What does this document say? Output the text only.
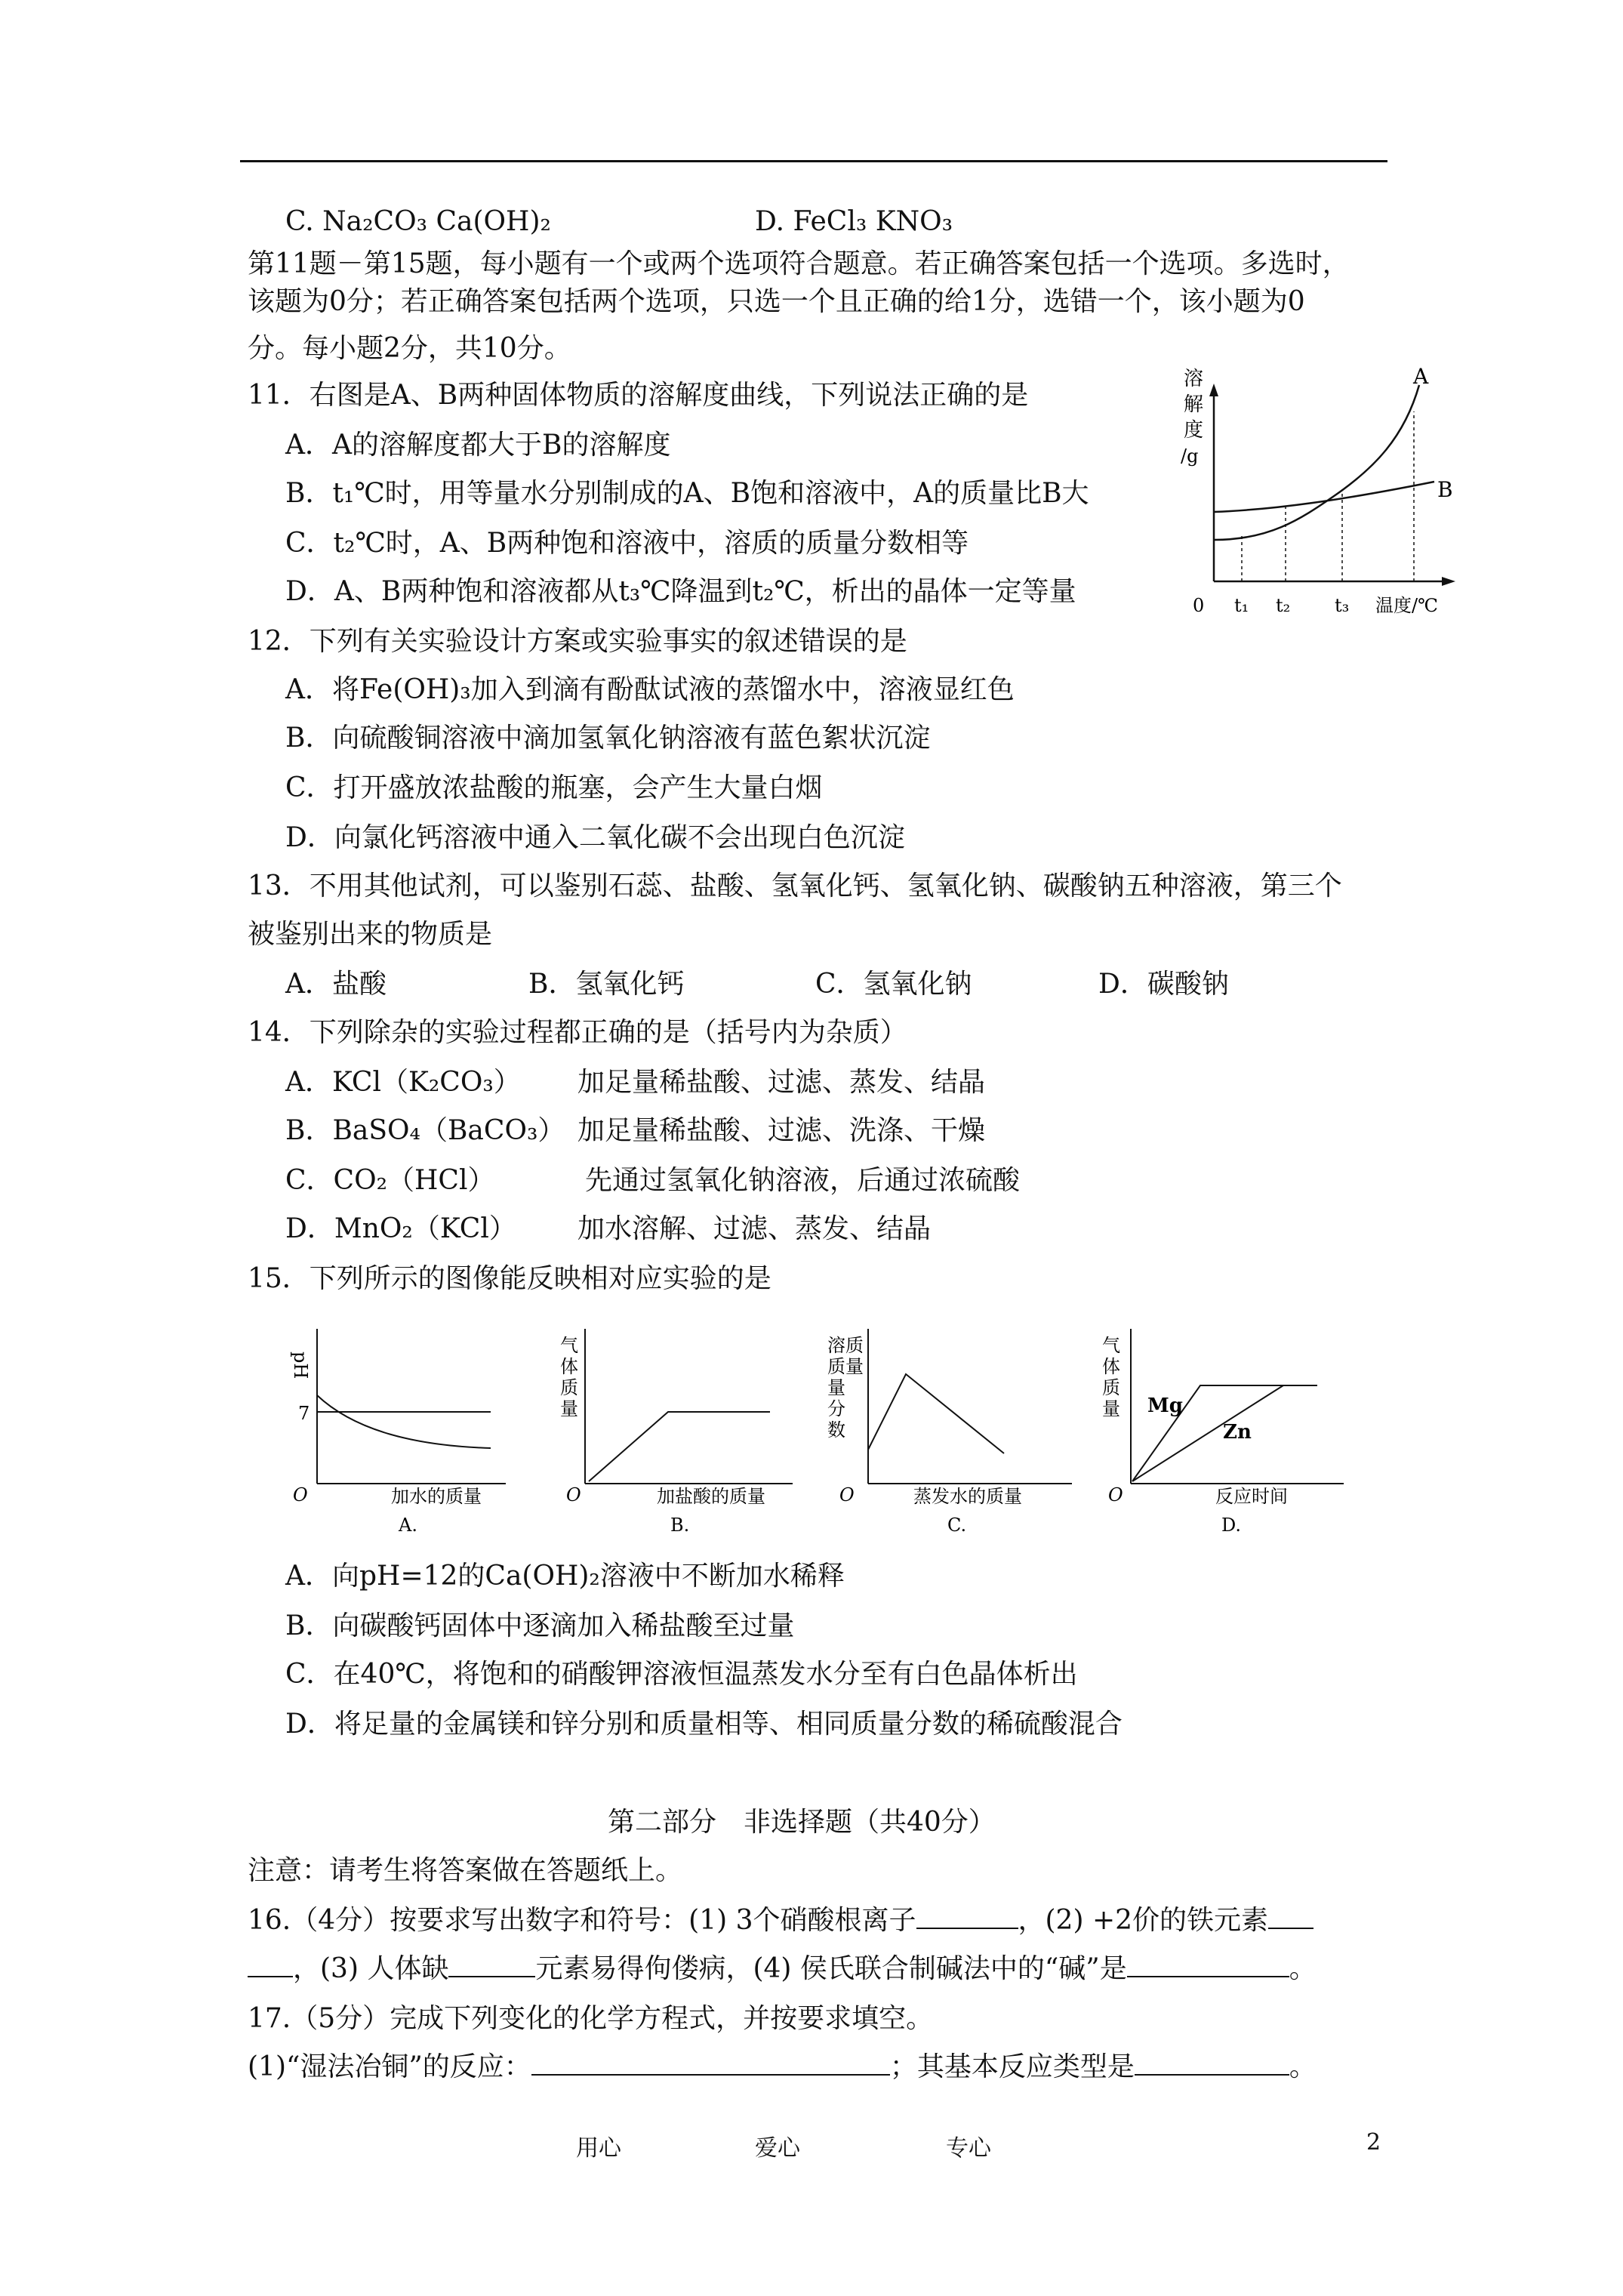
C. Na₂CO₃ Ca(OH)₂	D. FeCl₃ KNO₃
第11题－第15题，每小题有一个或两个选项符合题意。若正确答案包括一个选项。多选时，
该题为0分；若正确答案包括两个选项，只选一个且正确的给1分，选错一个，该小题为0
分。每小题2分，共10分。
11．右图是A、B两种固体物质的溶解度曲线，下列说法正确的是
A．A的溶解度都大于B的溶解度
B．t₁℃时，用等量水分别制成的A、B饱和溶液中，A的质量比B大
C．t₂℃时，A、B两种饱和溶液中，溶质的质量分数相等
D．A、B两种饱和溶液都从t₃℃降温到t₂℃，析出的晶体一定等量
溶
解
度
/g
A
B
0 t₁ t₂ t₃ 温度/℃
12．下列有关实验设计方案或实验事实的叙述错误的是
A．将Fe(OH)₃加入到滴有酚酞试液的蒸馏水中，溶液显红色
B．向硫酸铜溶液中滴加氢氧化钠溶液有蓝色絮状沉淀
C．打开盛放浓盐酸的瓶塞，会产生大量白烟
D．向氯化钙溶液中通入二氧化碳不会出现白色沉淀
13．不用其他试剂，可以鉴别石蕊、盐酸、氢氧化钙、氢氧化钠、碳酸钠五种溶液，第三个
被鉴别出来的物质是
A．盐酸	B．氢氧化钙	C．氢氧化钠	D．碳酸钠
14．下列除杂的实验过程都正确的是（括号内为杂质）
A．KCl（K₂CO₃） 加足量稀盐酸、过滤、蒸发、结晶
B．BaSO₄（BaCO₃） 加足量稀盐酸、过滤、洗涤、干燥
C．CO₂（HCl）	先通过氢氧化钠溶液，后通过浓硫酸
D．MnO₂（KCl） 加水溶解、过滤、蒸发、结晶
15．下列所示的图像能反映相对应实验的是
pH
7
O	加水的质量
A.
气
体
质
量
O	加盐酸的质量
B.
溶质
质量
量
分
数
O	蒸发水的质量
C.
气
体
质
量 Mg
Zn
O	反应时间
D.
A．向pH=12的Ca(OH)₂溶液中不断加水稀释
B．向碳酸钙固体中逐滴加入稀盐酸至过量
C．在40℃，将饱和的硝酸钾溶液恒温蒸发水分至有白色晶体析出
D．将足量的金属镁和锌分别和质量相等、相同质量分数的稀硫酸混合
第二部分　非选择题（共40分）
注意：请考生将答案做在答题纸上。
16.（4分）按要求写出数字和符号：(1) 3个硝酸根离子	，(2) +2价的铁元素
，(3) 人体缺	元素易得佝偻病，(4) 侯氏联合制碱法中的“碱”是	。
17.（5分）完成下列变化的化学方程式，并按要求填空。
(1)“湿法冶铜”的反应：	；其基本反应类型是	。
用心	爱心	专心	2
